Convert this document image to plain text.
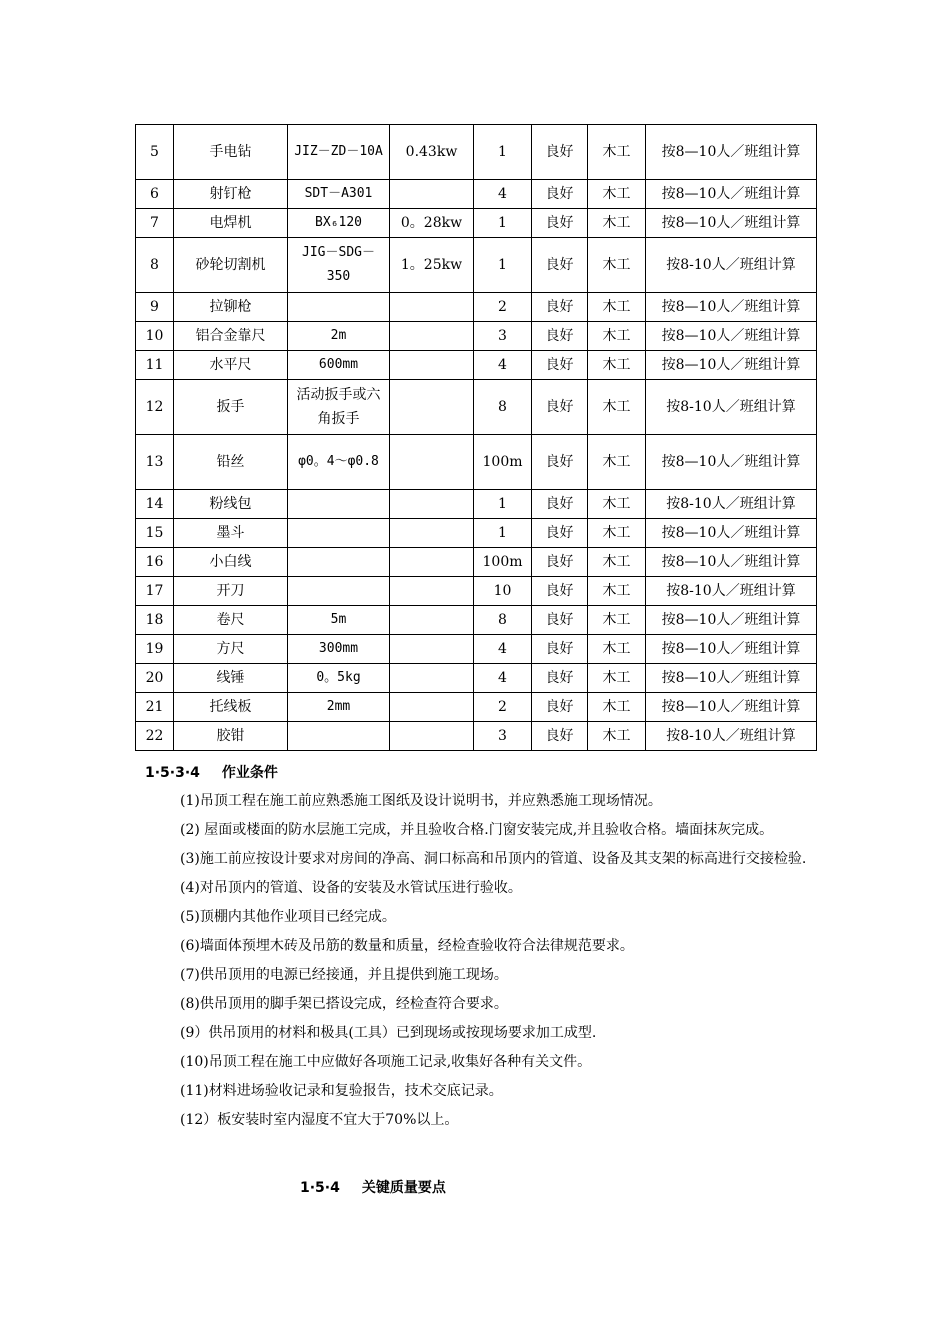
5	手电钻	JIZ－ZD－10A	0.43kw	1	良好	木工	按8—10人／班组计算
6	射钉枪	SDT－A301		4	良好	木工	按8—10人／班组计算
7	电焊机	BX₆120	0。28kw	1	良好	木工	按8—10人／班组计算
8	砂轮切割机	JIG－SDG－350	1。25kw	1	良好	木工	按8-10人／班组计算
9	拉铆枪			2	良好	木工	按8—10人／班组计算
10	铝合金靠尺	2m		3	良好	木工	按8—10人／班组计算
11	水平尺	600mm		4	良好	木工	按8—10人／班组计算
12	扳手	活动扳手或六角扳手		8	良好	木工	按8-10人／班组计算
13	铅丝	φ0。4～φ0.8		100m	良好	木工	按8—10人／班组计算
14	粉线包			1	良好	木工	按8-10人／班组计算
15	墨斗			1	良好	木工	按8—10人／班组计算
16	小白线			100m	良好	木工	按8—10人／班组计算
17	开刀			10	良好	木工	按8-10人／班组计算
18	卷尺	5m		8	良好	木工	按8—10人／班组计算
19	方尺	300mm		4	良好	木工	按8—10人／班组计算
20	线锤	0。5kg		4	良好	木工	按8—10人／班组计算
21	托线板	2mm		2	良好	木工	按8—10人／班组计算
22	胶钳			3	良好	木工	按8-10人／班组计算
1·5·3·4 作业条件

(1)吊顶工程在施工前应熟悉施工图纸及设计说明书，并应熟悉施工现场情况。

(2) 屋面或楼面的防水层施工完成，并且验收合格.门窗安装完成,并且验收合格。墙面抹灰完成。

(3)施工前应按设计要求对房间的净高、洞口标高和吊顶内的管道、设备及其支架的标高进行交接检验.

(4)对吊顶内的管道、设备的安装及水管试压进行验收。

(5)顶棚内其他作业项目已经完成。

(6)墙面体预埋木砖及吊筋的数量和质量，经检查验收符合法律规范要求。

(7)供吊顶用的电源已经接通，并且提供到施工现场。

(8)供吊顶用的脚手架已搭设完成，经检查符合要求。

(9）供吊顶用的材料和极具(工具）已到现场或按现场要求加工成型.

(10)吊顶工程在施工中应做好各项施工记录,收集好各种有关文件。

(11)材料进场验收记录和复验报告，技术交底记录。

(12）板安装时室内湿度不宜大于70%以上。

1·5·4 关键质量要点
